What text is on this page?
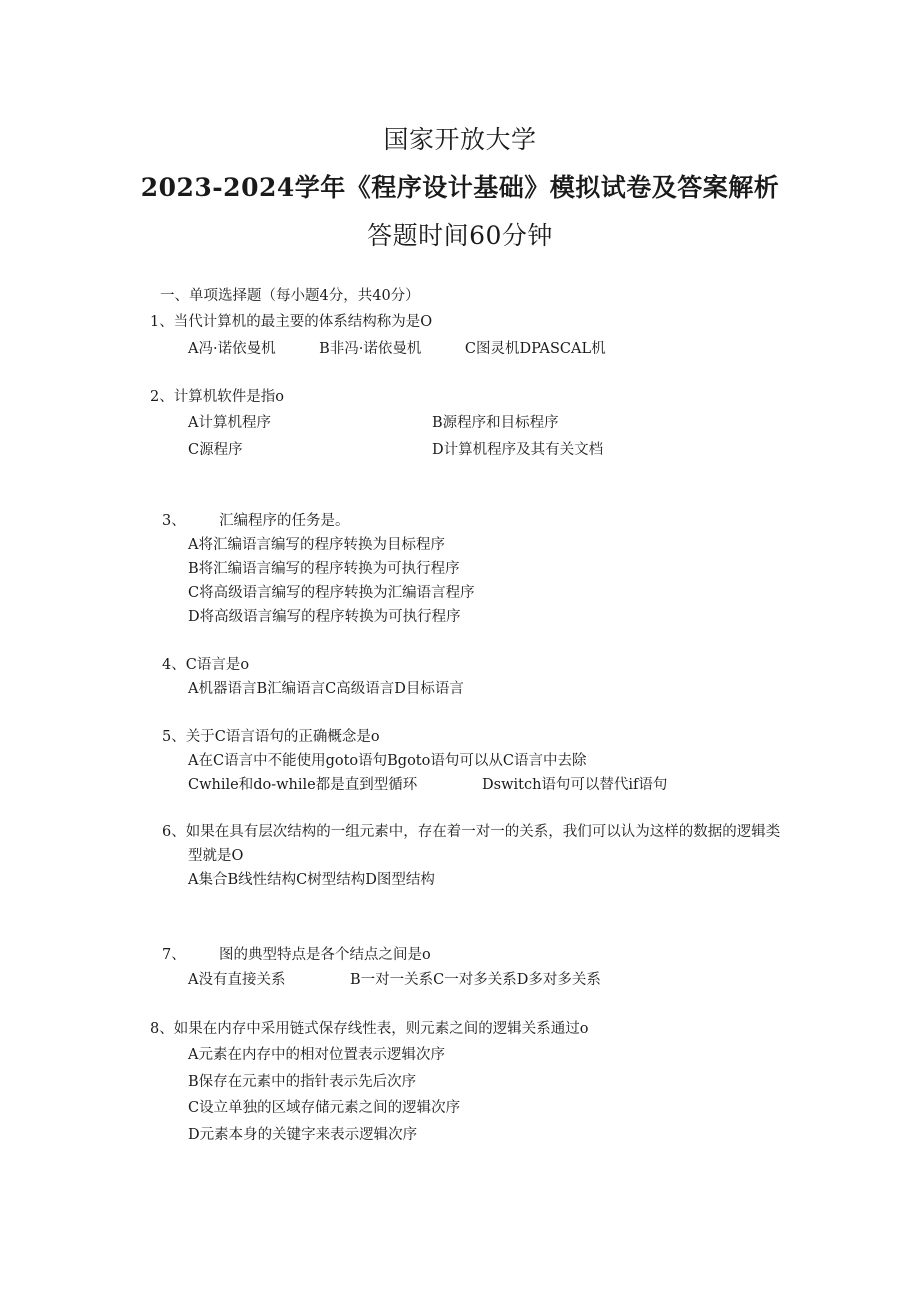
国家开放大学
2023-2024学年《程序设计基础》模拟试卷及答案解析
答题时间60分钟
一、单项选择题（每小题4分，共40分）
1、当代计算机的最主要的体系结构称为是O
A冯·诺依曼机　　　B非冯·诺依曼机　　　C图灵机DPASCAL机
2、计算机软件是指o
A计算机程序	B源程序和目标程序
C源程序	D计算机程序及其有关文档
3、 汇编程序的任务是。
A将汇编语言编写的程序转换为目标程序
B将汇编语言编写的程序转换为可执行程序
C将高级语言编写的程序转换为汇编语言程序
D将高级语言编写的程序转换为可执行程序
4、C语言是o
A机器语言B汇编语言C高级语言D目标语言
5、关于C语言语句的正确概念是o
A在C语言中不能使用goto语句Bgoto语句可以从C语言中去除
Cwhile和do-while都是直到型循环	Dswitch语句可以替代if语句
6、如果在具有层次结构的一组元素中，存在着一对一的关系，我们可以认为这样的数据的逻辑类
型就是O
A集合B线性结构C树型结构D图型结构
7、 图的典型特点是各个结点之间是o
A没有直接关系	B一对一关系C一对多关系D多对多关系
8、如果在内存中采用链式保存线性表，则元素之间的逻辑关系通过o
A元素在内存中的相对位置表示逻辑次序
B保存在元素中的指针表示先后次序
C设立单独的区域存储元素之间的逻辑次序
D元素本身的关键字来表示逻辑次序
